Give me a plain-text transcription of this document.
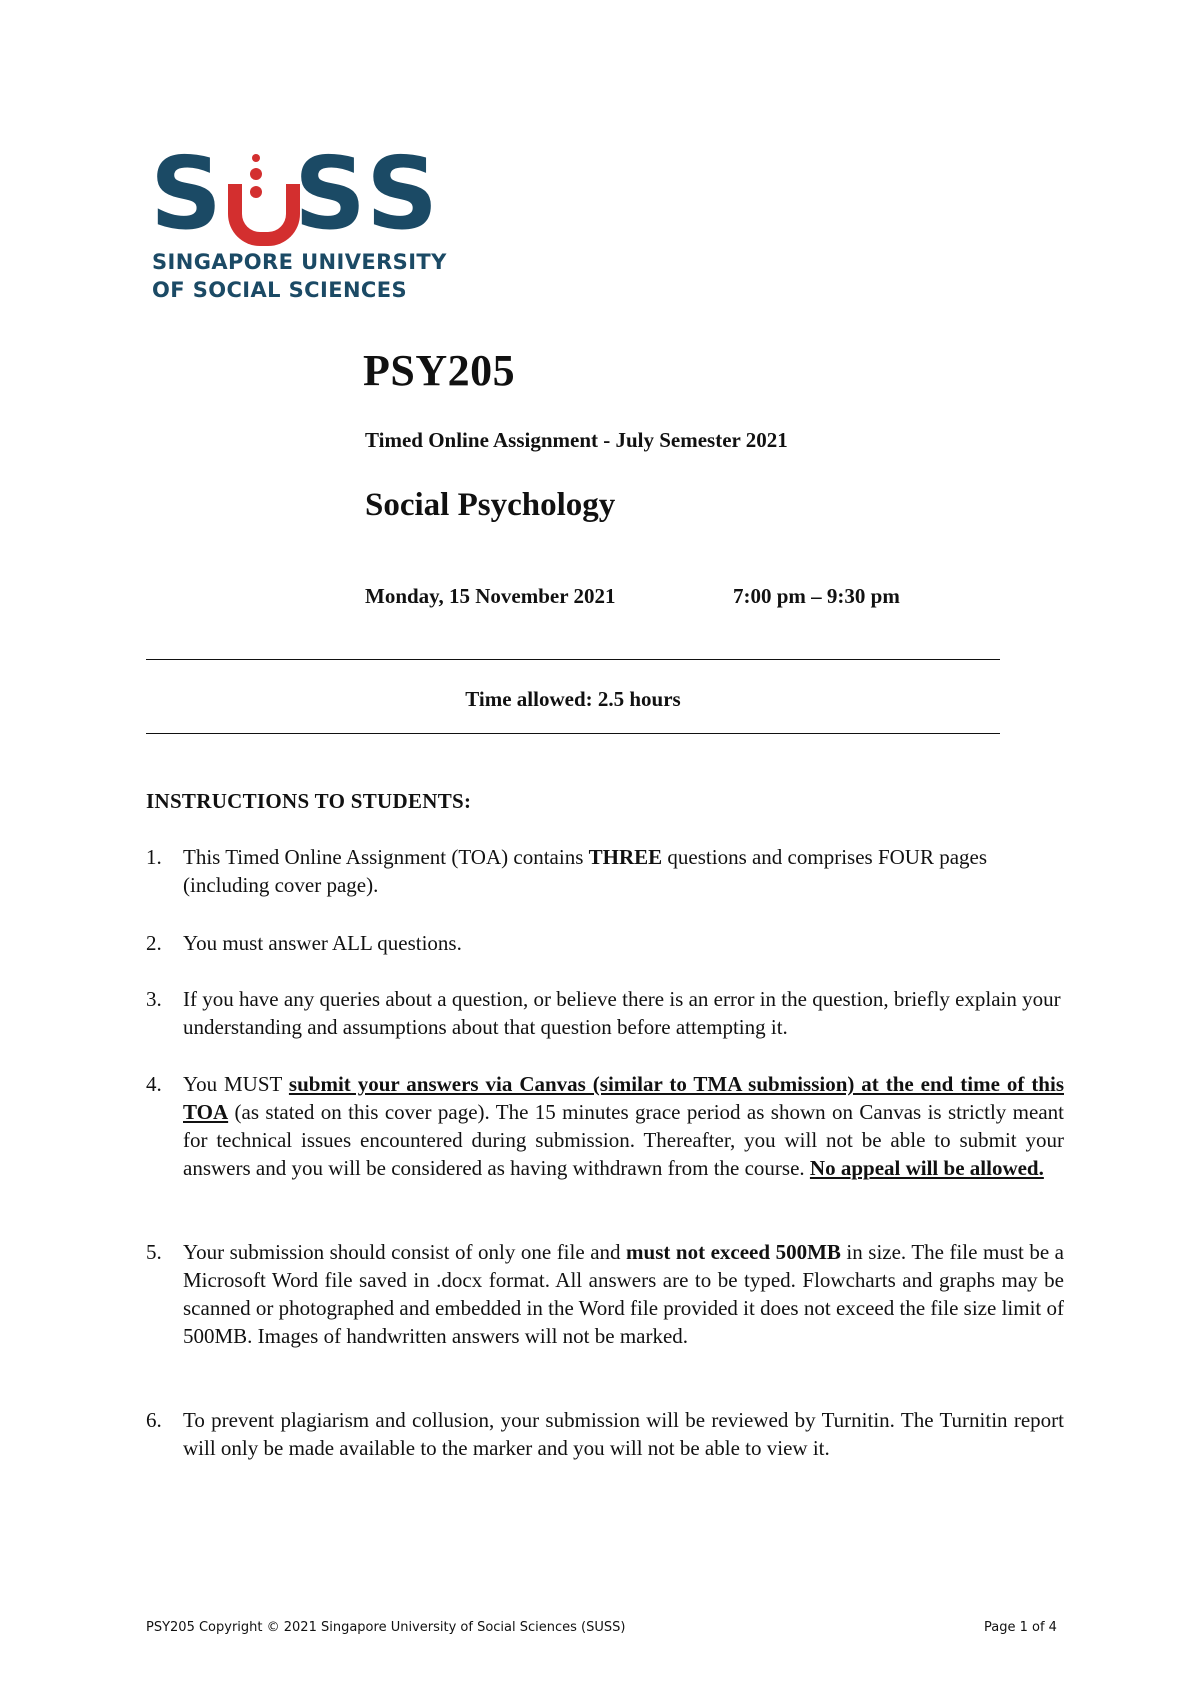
S S S
SINGAPORE UNIVERSITY
OF SOCIAL SCIENCES
PSY205
Timed Online Assignment - July Semester 2021
Social Psychology
Monday, 15 November 2021	7:00 pm – 9:30 pm
Time allowed: 2.5 hours
INSTRUCTIONS TO STUDENTS:
1. This Timed Online Assignment (TOA) contains THREE questions and comprises FOUR pages (including cover page).
2. You must answer ALL questions.
3. If you have any queries about a question, or believe there is an error in the question, briefly explain your understanding and assumptions about that question before attempting it.
4. You MUST submit your answers via Canvas (similar to TMA submission) at the end time of this TOA (as stated on this cover page). The 15 minutes grace period as shown on Canvas is strictly meant for technical issues encountered during submission. Thereafter, you will not be able to submit your answers and you will be considered as having withdrawn from the course. No appeal will be allowed.
5. Your submission should consist of only one file and must not exceed 500MB in size. The file must be a Microsoft Word file saved in .docx format. All answers are to be typed. Flowcharts and graphs may be scanned or photographed and embedded in the Word file provided it does not exceed the file size limit of 500MB. Images of handwritten answers will not be marked.
6. To prevent plagiarism and collusion, your submission will be reviewed by Turnitin. The Turnitin report will only be made available to the marker and you will not be able to view it.
PSY205 Copyright © 2021 Singapore University of Social Sciences (SUSS)	Page 1 of 4
